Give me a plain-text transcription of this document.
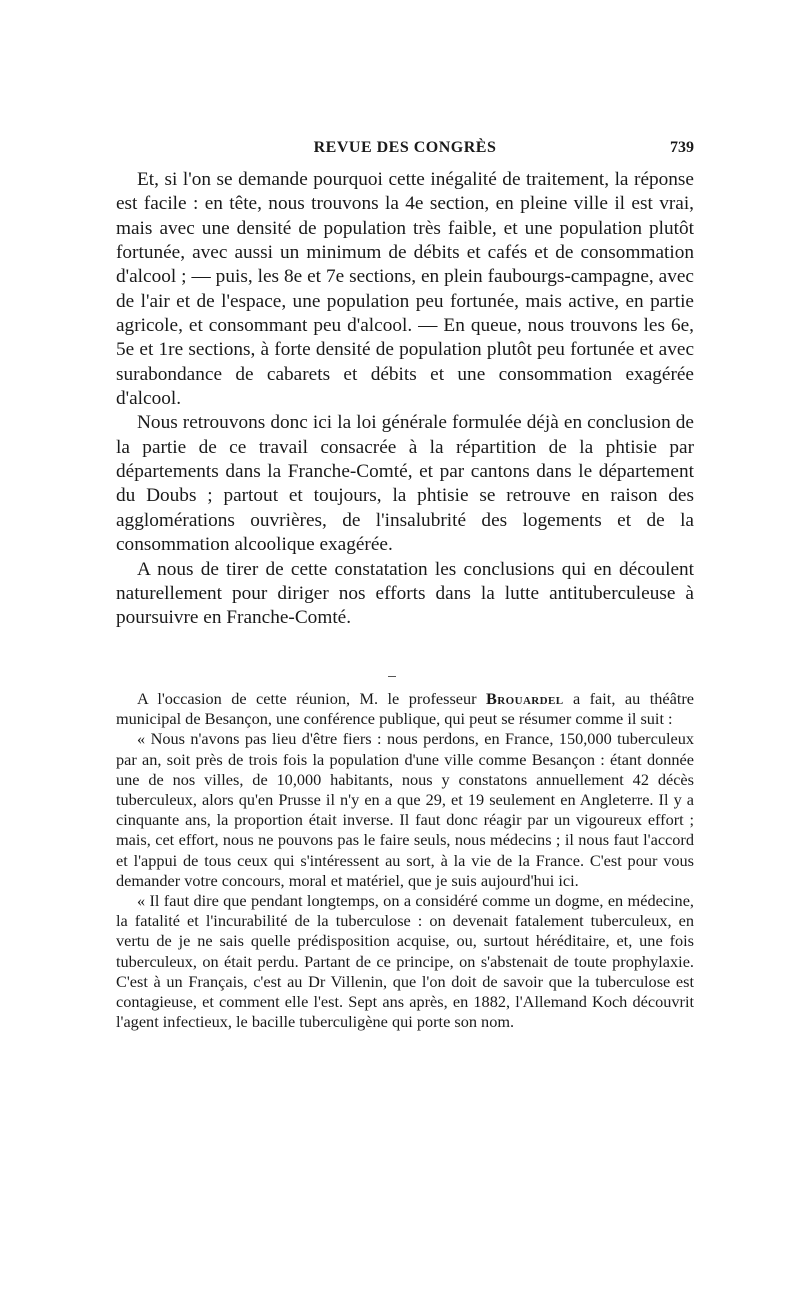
REVUE DES CONGRÈS	739

Et, si l'on se demande pourquoi cette inégalité de traitement, la réponse est facile : en tête, nous trouvons la 4e section, en pleine ville il est vrai, mais avec une densité de population très faible, et une population plutôt fortunée, avec aussi un minimum de débits et cafés et de consommation d'alcool ; — puis, les 8e et 7e sections, en plein faubourgs-campagne, avec de l'air et de l'espace, une population peu fortunée, mais active, en partie agricole, et consommant peu d'alcool. — En queue, nous trouvons les 6e, 5e et 1re sections, à forte densité de population plutôt peu fortunée et avec surabondance de cabarets et débits et une consommation exagérée d'alcool.

Nous retrouvons donc ici la loi générale formulée déjà en conclusion de la partie de ce travail consacrée à la répartition de la phtisie par départements dans la Franche-Comté, et par cantons dans le département du Doubs ; partout et toujours, la phtisie se retrouve en raison des agglomérations ouvrières, de l'insalubrité des logements et de la consommation alcoolique exagérée.

A nous de tirer de cette constatation les conclusions qui en découlent naturellement pour diriger nos efforts dans la lutte antituberculeuse à poursuivre en Franche-Comté.

A l'occasion de cette réunion, M. le professeur Brouardel a fait, au théâtre municipal de Besançon, une conférence publique, qui peut se résumer comme il suit :

« Nous n'avons pas lieu d'être fiers : nous perdons, en France, 150,000 tuberculeux par an, soit près de trois fois la population d'une ville comme Besançon : étant donnée une de nos villes, de 10,000 habitants, nous y constatons annuellement 42 décès tuberculeux, alors qu'en Prusse il n'y en a que 29, et 19 seulement en Angleterre. Il y a cinquante ans, la proportion était inverse. Il faut donc réagir par un vigoureux effort ; mais, cet effort, nous ne pouvons pas le faire seuls, nous médecins ; il nous faut l'accord et l'appui de tous ceux qui s'intéressent au sort, à la vie de la France. C'est pour vous demander votre concours, moral et matériel, que je suis aujourd'hui ici.

« Il faut dire que pendant longtemps, on a considéré comme un dogme, en médecine, la fatalité et l'incurabilité de la tuberculose : on devenait fatalement tuberculeux, en vertu de je ne sais quelle prédisposition acquise, ou, surtout héréditaire, et, une fois tuberculeux, on était perdu. Partant de ce principe, on s'abstenait de toute prophylaxie. C'est à un Français, c'est au Dr Villenin, que l'on doit de savoir que la tuberculose est contagieuse, et comment elle l'est. Sept ans après, en 1882, l'Allemand Koch découvrit l'agent infectieux, le bacille tuberculigène qui porte son nom.
